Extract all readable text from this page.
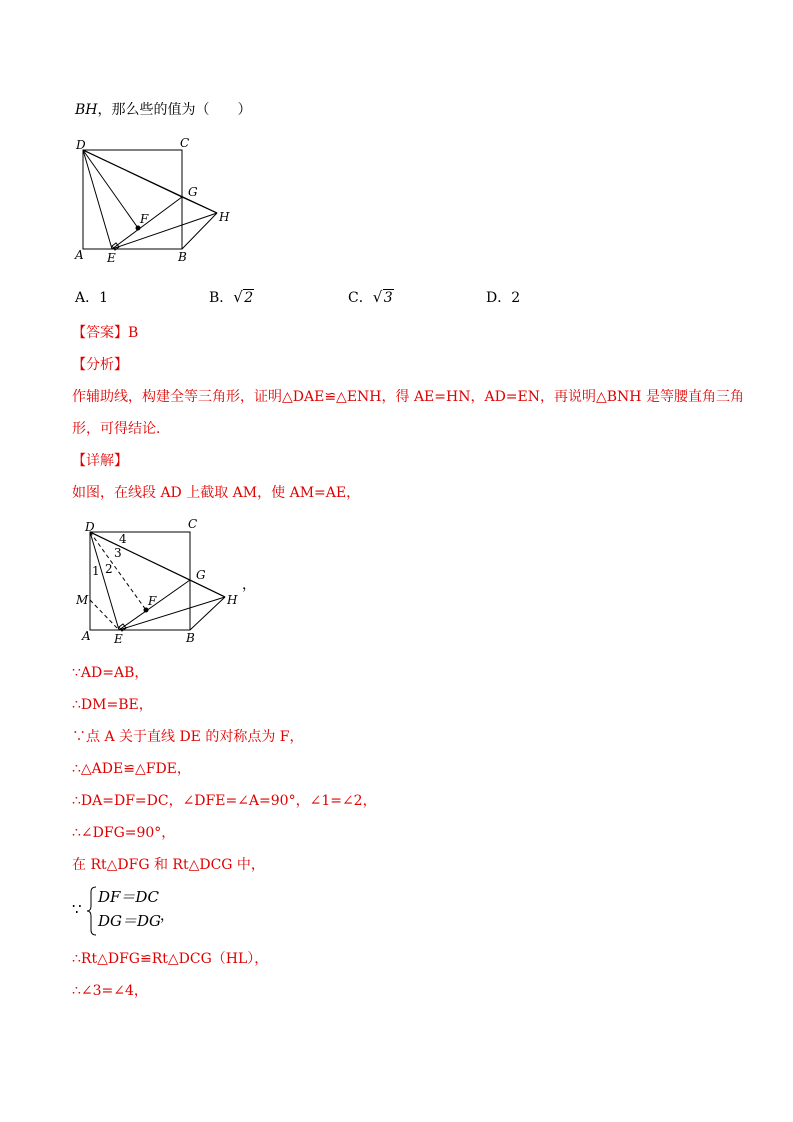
BH，那么些的值为（　　）
D	C
G
F	H
A E	B
A．1	B． √ 2	C． √ 3	D．2
【答案】B
【分析】
作辅助线，构建全等三角形，证明△DAE≌△ENH，得 AE=HN，AD=EN，再说明△BNH 是等腰直角三角
形，可得结论．
【详解】
如图，在线段 AD 上截取 AM，使 AM=AE，
D	C
G
F	H
A E	B
M
1 2
3
4
，
∵AD=AB，
∴DM=BE，
∵点 A 关于直线 DE 的对称点为 F，
∴△ADE≌△FDE，
∴DA=DF=DC，∠DFE=∠A=90°，∠1=∠2，
∴∠DFG=90°，
在 Rt△DFG 和 Rt△DCG 中，
∵
DF＝DC
DG＝DG
，
∴Rt△DFG≌Rt△DCG（HL），
∴∠3=∠4，
